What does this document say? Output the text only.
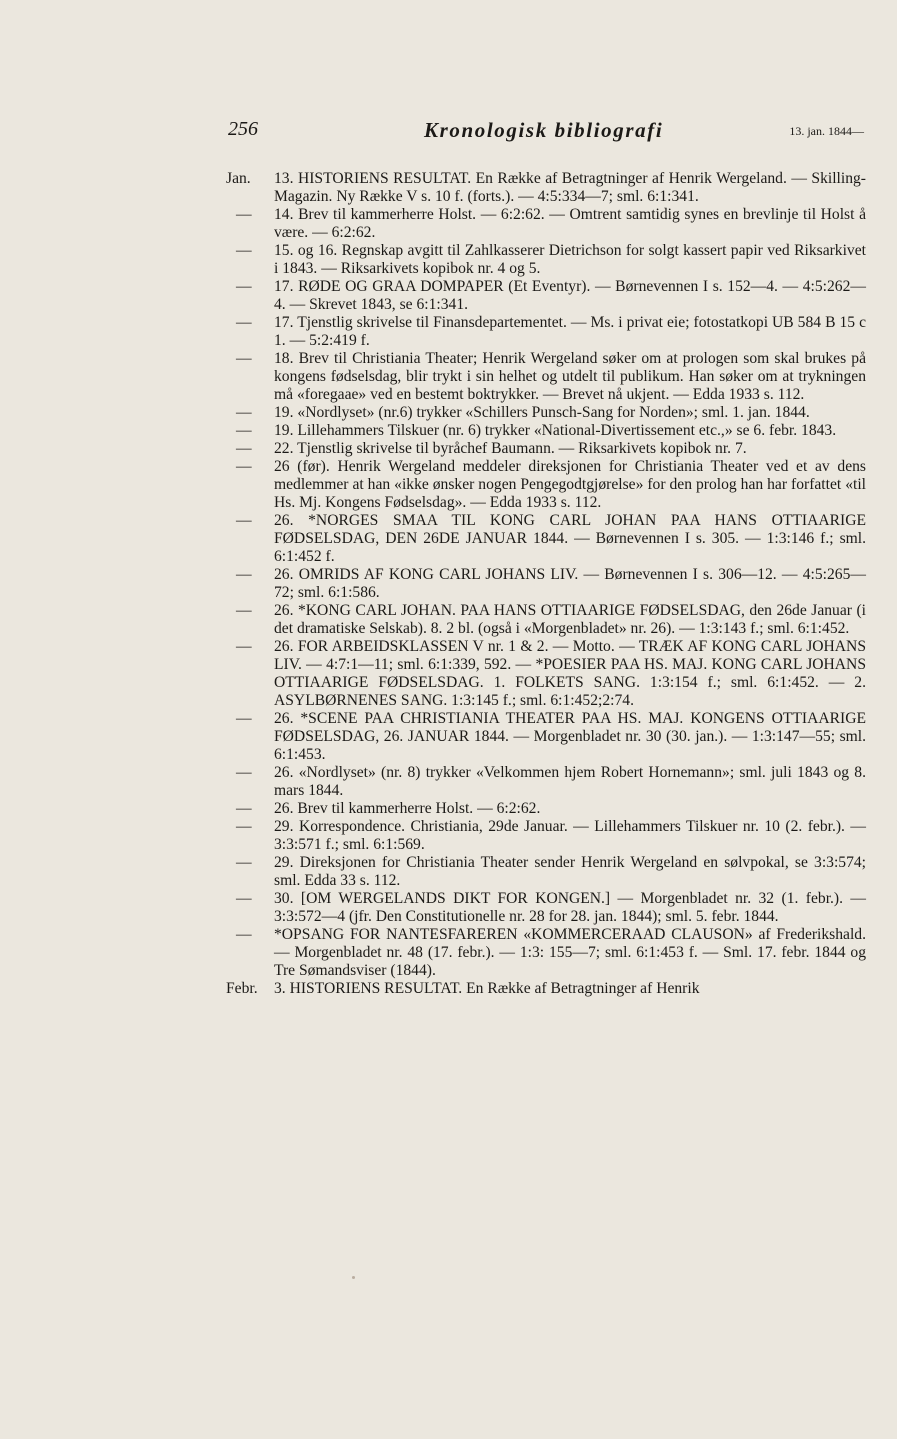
256	Kronologisk bibliografi	13. jan. 1844—
Jan.	13. HISTORIENS RESULTAT. En Række af Betragtninger af Henrik Wergeland. — Skilling-Magazin. Ny Række V s. 10 f. (forts.). — 4:5:334—7; sml. 6:1:341.
—	14. Brev til kammerherre Holst. — 6:2:62. — Omtrent samtidig synes en brevlinje til Holst å være. — 6:2:62.
—	15. og 16. Regnskap avgitt til Zahlkasserer Dietrichson for solgt kassert papir ved Riksarkivet i 1843. — Riksarkivets kopibok nr. 4 og 5.
—	17. RØDE OG GRAA DOMPAPER (Et Eventyr). — Børnevennen I s. 152—4. — 4:5:262—4. — Skrevet 1843, se 6:1:341.
—	17. Tjenstlig skrivelse til Finansdepartementet. — Ms. i privat eie; fotostatkopi UB 584 B 15 c 1. — 5:2:419 f.
—	18. Brev til Christiania Theater; Henrik Wergeland søker om at prologen som skal brukes på kongens fødselsdag, blir trykt i sin helhet og utdelt til publikum. Han søker om at trykningen må «foregaae» ved en bestemt boktrykker. — Brevet nå ukjent. — Edda 1933 s. 112.
—	19. «Nordlyset» (nr.6) trykker «Schillers Punsch-Sang for Norden»; sml. 1. jan. 1844.
—	19. Lillehammers Tilskuer (nr. 6) trykker «National-Divertissement etc.,» se 6. febr. 1843.
—	22. Tjenstlig skrivelse til byråchef Baumann. — Riksarkivets kopibok nr. 7.
—	26 (før). Henrik Wergeland meddeler direksjonen for Christiania Theater ved et av dens medlemmer at han «ikke ønsker nogen Pengegodtgjørelse» for den prolog han har forfattet «til Hs. Mj. Kongens Fødselsdag». — Edda 1933 s. 112.
—	26. *NORGES SMAA TIL KONG CARL JOHAN PAA HANS OTTIAARIGE FØDSELSDAG, DEN 26DE JANUAR 1844. — Børnevennen I s. 305. — 1:3:146 f.; sml. 6:1:452 f.
—	26. OMRIDS AF KONG CARL JOHANS LIV. — Børnevennen I s. 306—12. — 4:5:265—72; sml. 6:1:586.
—	26. *KONG CARL JOHAN. PAA HANS OTTIAARIGE FØDSELSDAG, den 26de Januar (i det dramatiske Selskab). 8. 2 bl. (også i «Morgenbladet» nr. 26). — 1:3:143 f.; sml. 6:1:452.
—	26. FOR ARBEIDSKLASSEN V nr. 1 & 2. — Motto. — TRÆK AF KONG CARL JOHANS LIV. — 4:7:1—11; sml. 6:1:339, 592. — *POESIER PAA HS. MAJ. KONG CARL JOHANS OTTIAARIGE FØDSELSDAG. 1. FOLKETS SANG. 1:3:154 f.; sml. 6:1:452. — 2. ASYLBØRNENES SANG. 1:3:145 f.; sml. 6:1:452;2:74.
—	26. *SCENE PAA CHRISTIANIA THEATER PAA HS. MAJ. KONGENS OTTIAARIGE FØDSELSDAG, 26. JANUAR 1844. — Morgenbladet nr. 30 (30. jan.). — 1:3:147—55; sml. 6:1:453.
—	26. «Nordlyset» (nr. 8) trykker «Velkommen hjem Robert Hornemann»; sml. juli 1843 og 8. mars 1844.
—	26. Brev til kammerherre Holst. — 6:2:62.
—	29. Korrespondence. Christiania, 29de Januar. — Lillehammers Tilskuer nr. 10 (2. febr.). — 3:3:571 f.; sml. 6:1:569.
—	29. Direksjonen for Christiania Theater sender Henrik Wergeland en sølvpokal, se 3:3:574; sml. Edda 33 s. 112.
—	30. [OM WERGELANDS DIKT FOR KONGEN.] — Morgenbladet nr. 32 (1. febr.). — 3:3:572—4 (jfr. Den Constitutionelle nr. 28 for 28. jan. 1844); sml. 5. febr. 1844.
—	*OPSANG FOR NANTESFAREREN «KOMMERCERAAD CLAUSON» af Frederikshald. — Morgenbladet nr. 48 (17. febr.). — 1:3: 155—7; sml. 6:1:453 f. — Sml. 17. febr. 1844 og Tre Sømandsviser (1844).
Febr.	3. HISTORIENS RESULTAT. En Række af Betragtninger af Henrik
